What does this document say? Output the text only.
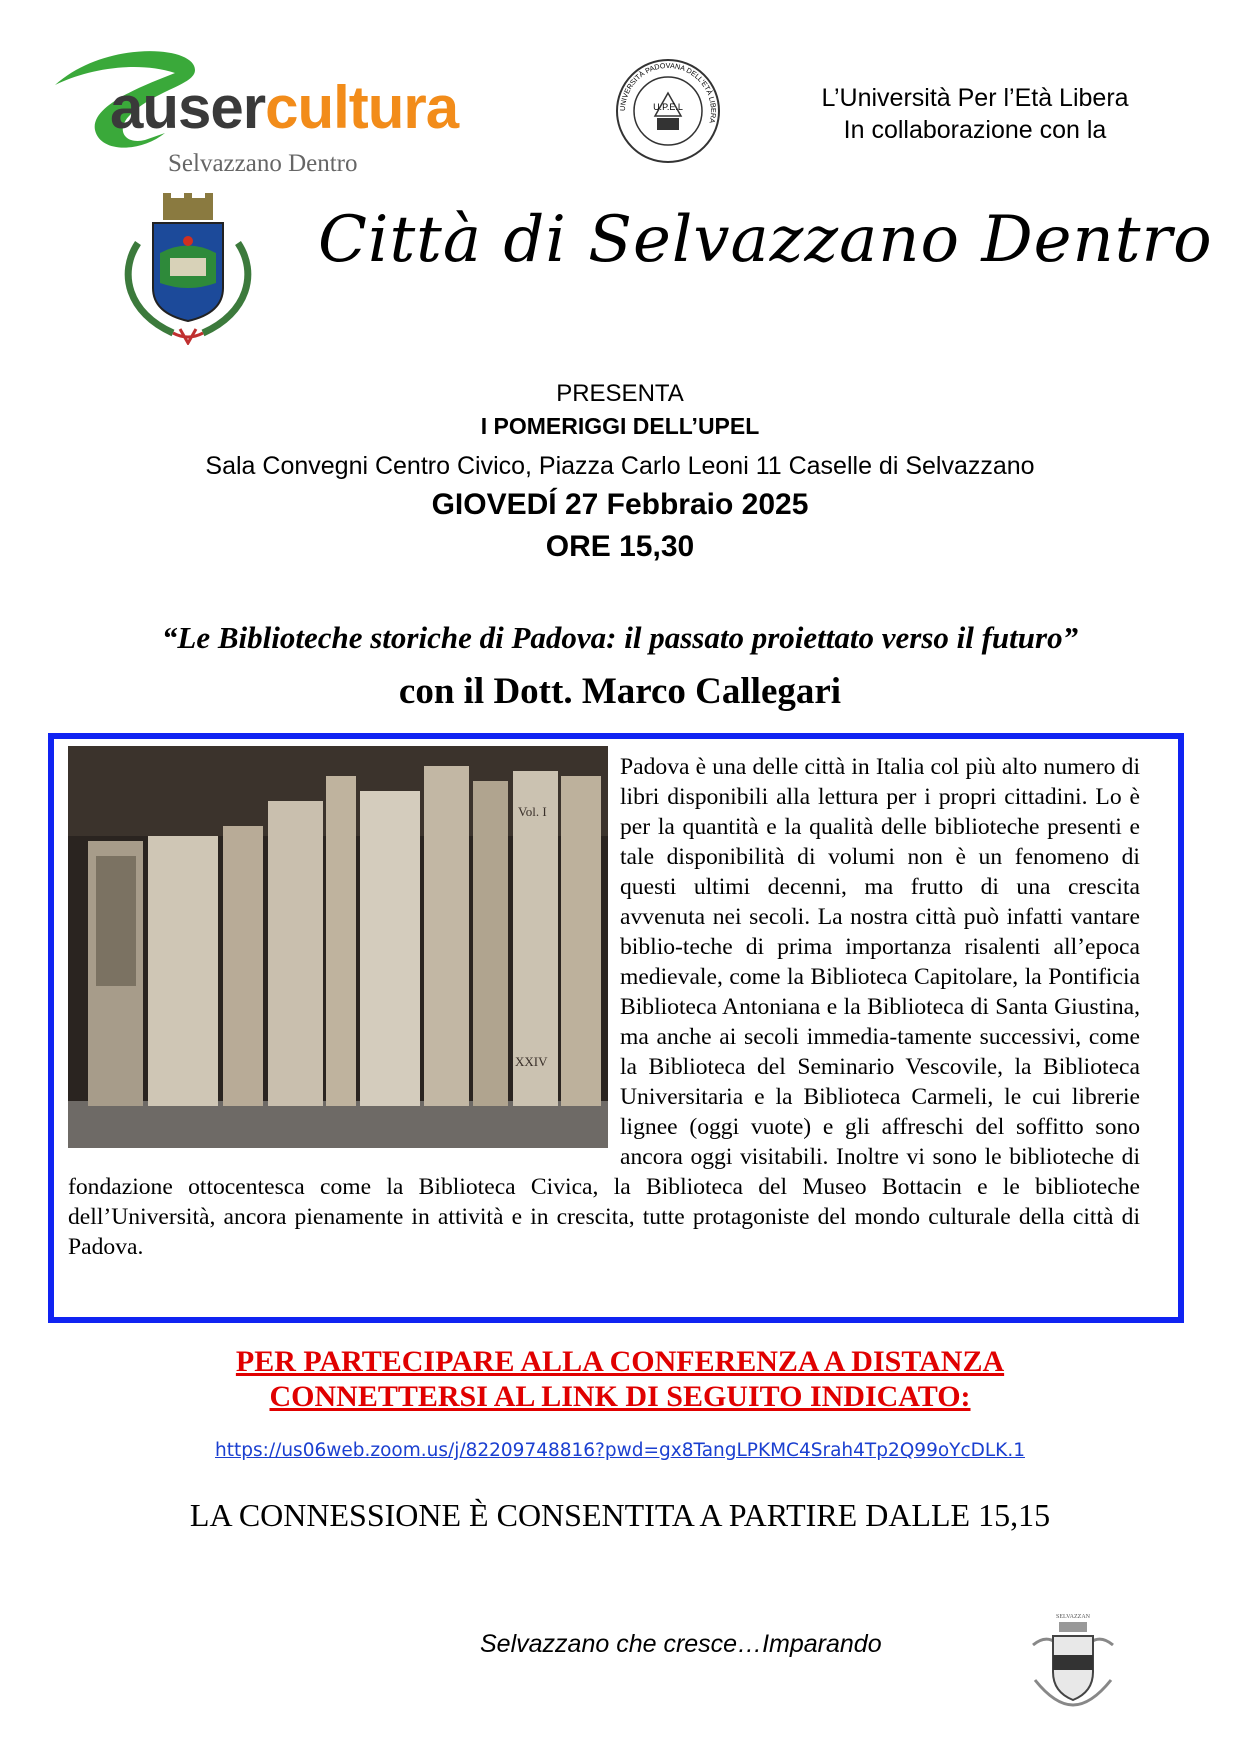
ausercultura
Selvazzano Dentro
U.P.E.L
UNIVERSITÀ PADOVANA DELL'ETÀ LIBERA
L’Università Per l’Età Libera
In collaborazione con la
Città di Selvazzano Dentro
PRESENTA
I POMERIGGI DELL’UPEL
Sala Convegni Centro Civico, Piazza Carlo Leoni 11 Caselle di Selvazzano
GIOVEDÍ 27 Febbraio 2025
ORE 15,30
“Le Biblioteche storiche di Padova: il passato proiettato verso il futuro”
con il Dott. Marco Callegari
Vol. I
XXIV

Padova è una delle città in Italia col più alto numero di libri disponibili alla lettura per i propri cittadini. Lo è per la quantità e la qualità delle biblioteche presenti e tale disponibilità di volumi non è un fenomeno di questi ultimi decenni, ma frutto di una crescita avvenuta nei secoli. La nostra città può infatti vantare biblio-teche di prima importanza risalenti all’epoca medievale, come la Biblioteca Capitolare, la Pontificia Biblioteca Antoniana e la Biblioteca di Santa Giustina, ma anche ai secoli immedia-tamente successivi, come la Biblioteca del Seminario Vescovile, la Biblioteca Universitaria e la Biblioteca Carmeli, le cui librerie lignee (oggi vuote) e gli affreschi del soffitto sono ancora oggi visitabili. Inoltre vi sono le biblioteche di fondazione ottocentesca come la Biblioteca Civica, la Biblioteca del Museo Bottacin e le biblioteche dell’Università, ancora pienamente in attività e in crescita, tutte protagoniste del mondo culturale della città di Padova.

PER PARTECIPARE ALLA CONFERENZA A DISTANZA
CONNETTERSI AL LINK DI SEGUITO INDICATO:
https://us06web.zoom.us/j/82209748816?pwd=gx8TangLPKMC4Srah4Tp2Q99oYcDLK.1
LA CONNESSIONE È CONSENTITA A PARTIRE DALLE 15,15
Selvazzano che cresce…Imparando
SELVAZZAN
